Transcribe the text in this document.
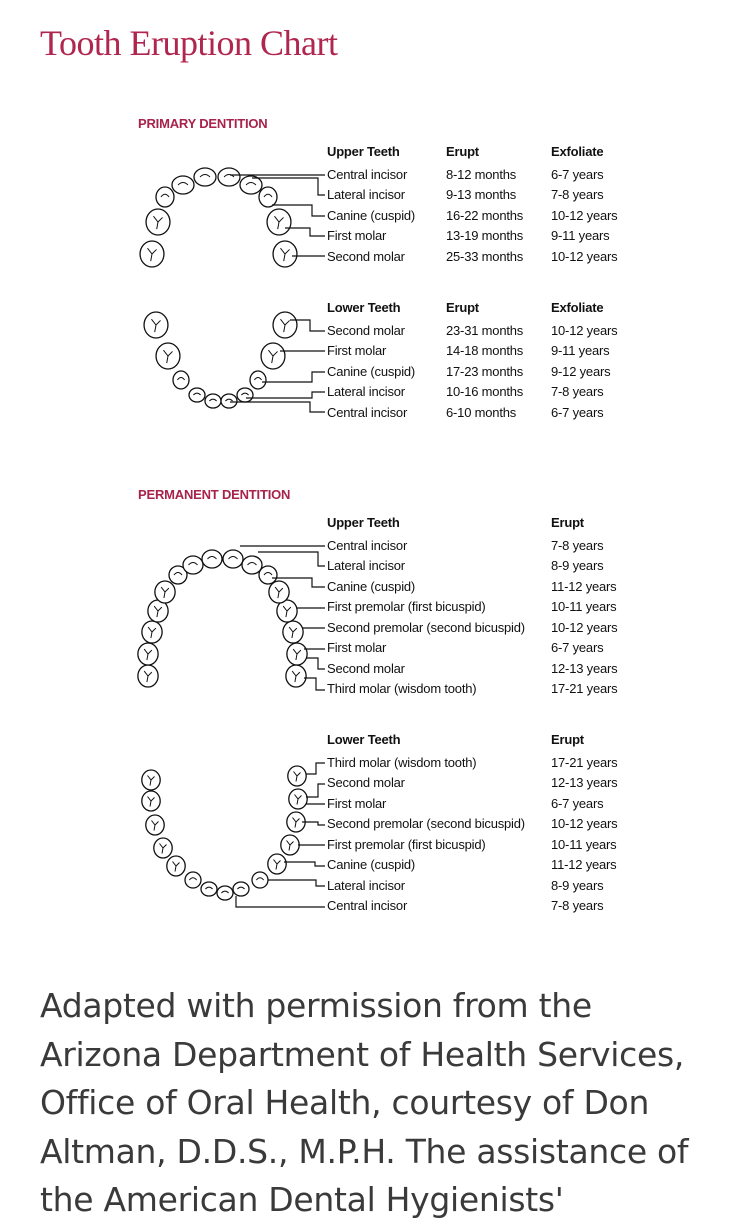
Tooth Eruption Chart
PRIMARY DENTITION
PERMANENT DENTITION
Upper Teeth	Erupt	Exfoliate
Central incisor	8-12 months	6-7 years
Lateral incisor	9-13 months	7-8 years
Canine (cuspid) 16-22 months 10-12 years
First molar	13-19 months 9-11 years
Second molar	25-33 months 10-12 years
Lower Teeth	Erupt	Exfoliate
Second molar	23-31 months 10-12 years
First molar	14-18 months 9-11 years
Canine (cuspid) 17-23 months 9-12 years
Lateral incisor	10-16 months 7-8 years
Central incisor	6-10 months	6-7 years
Upper Teeth	Erupt
Central incisor	7-8 years
Lateral incisor	8-9 years
Canine (cuspid)	11-12 years
First premolar (first bicuspid)	10-11 years
Second premolar (second bicuspid) 10-12 years
First molar	6-7 years
Second molar	12-13 years
Third molar (wisdom tooth)	17-21 years
Lower Teeth	Erupt
Third molar (wisdom tooth)	17-21 years
Second molar	12-13 years
First molar	6-7 years
Second premolar (second bicuspid) 10-12 years
First premolar (first bicuspid)	10-11 years
Canine (cuspid)	11-12 years
Lateral incisor	8-9 years
Central incisor	7-8 years

Adapted with permission from the Arizona Department of Health Services, Office of Oral Health, courtesy of Don Altman, D.D.S., M.P.H. The assistance of the American Dental Hygienists'
